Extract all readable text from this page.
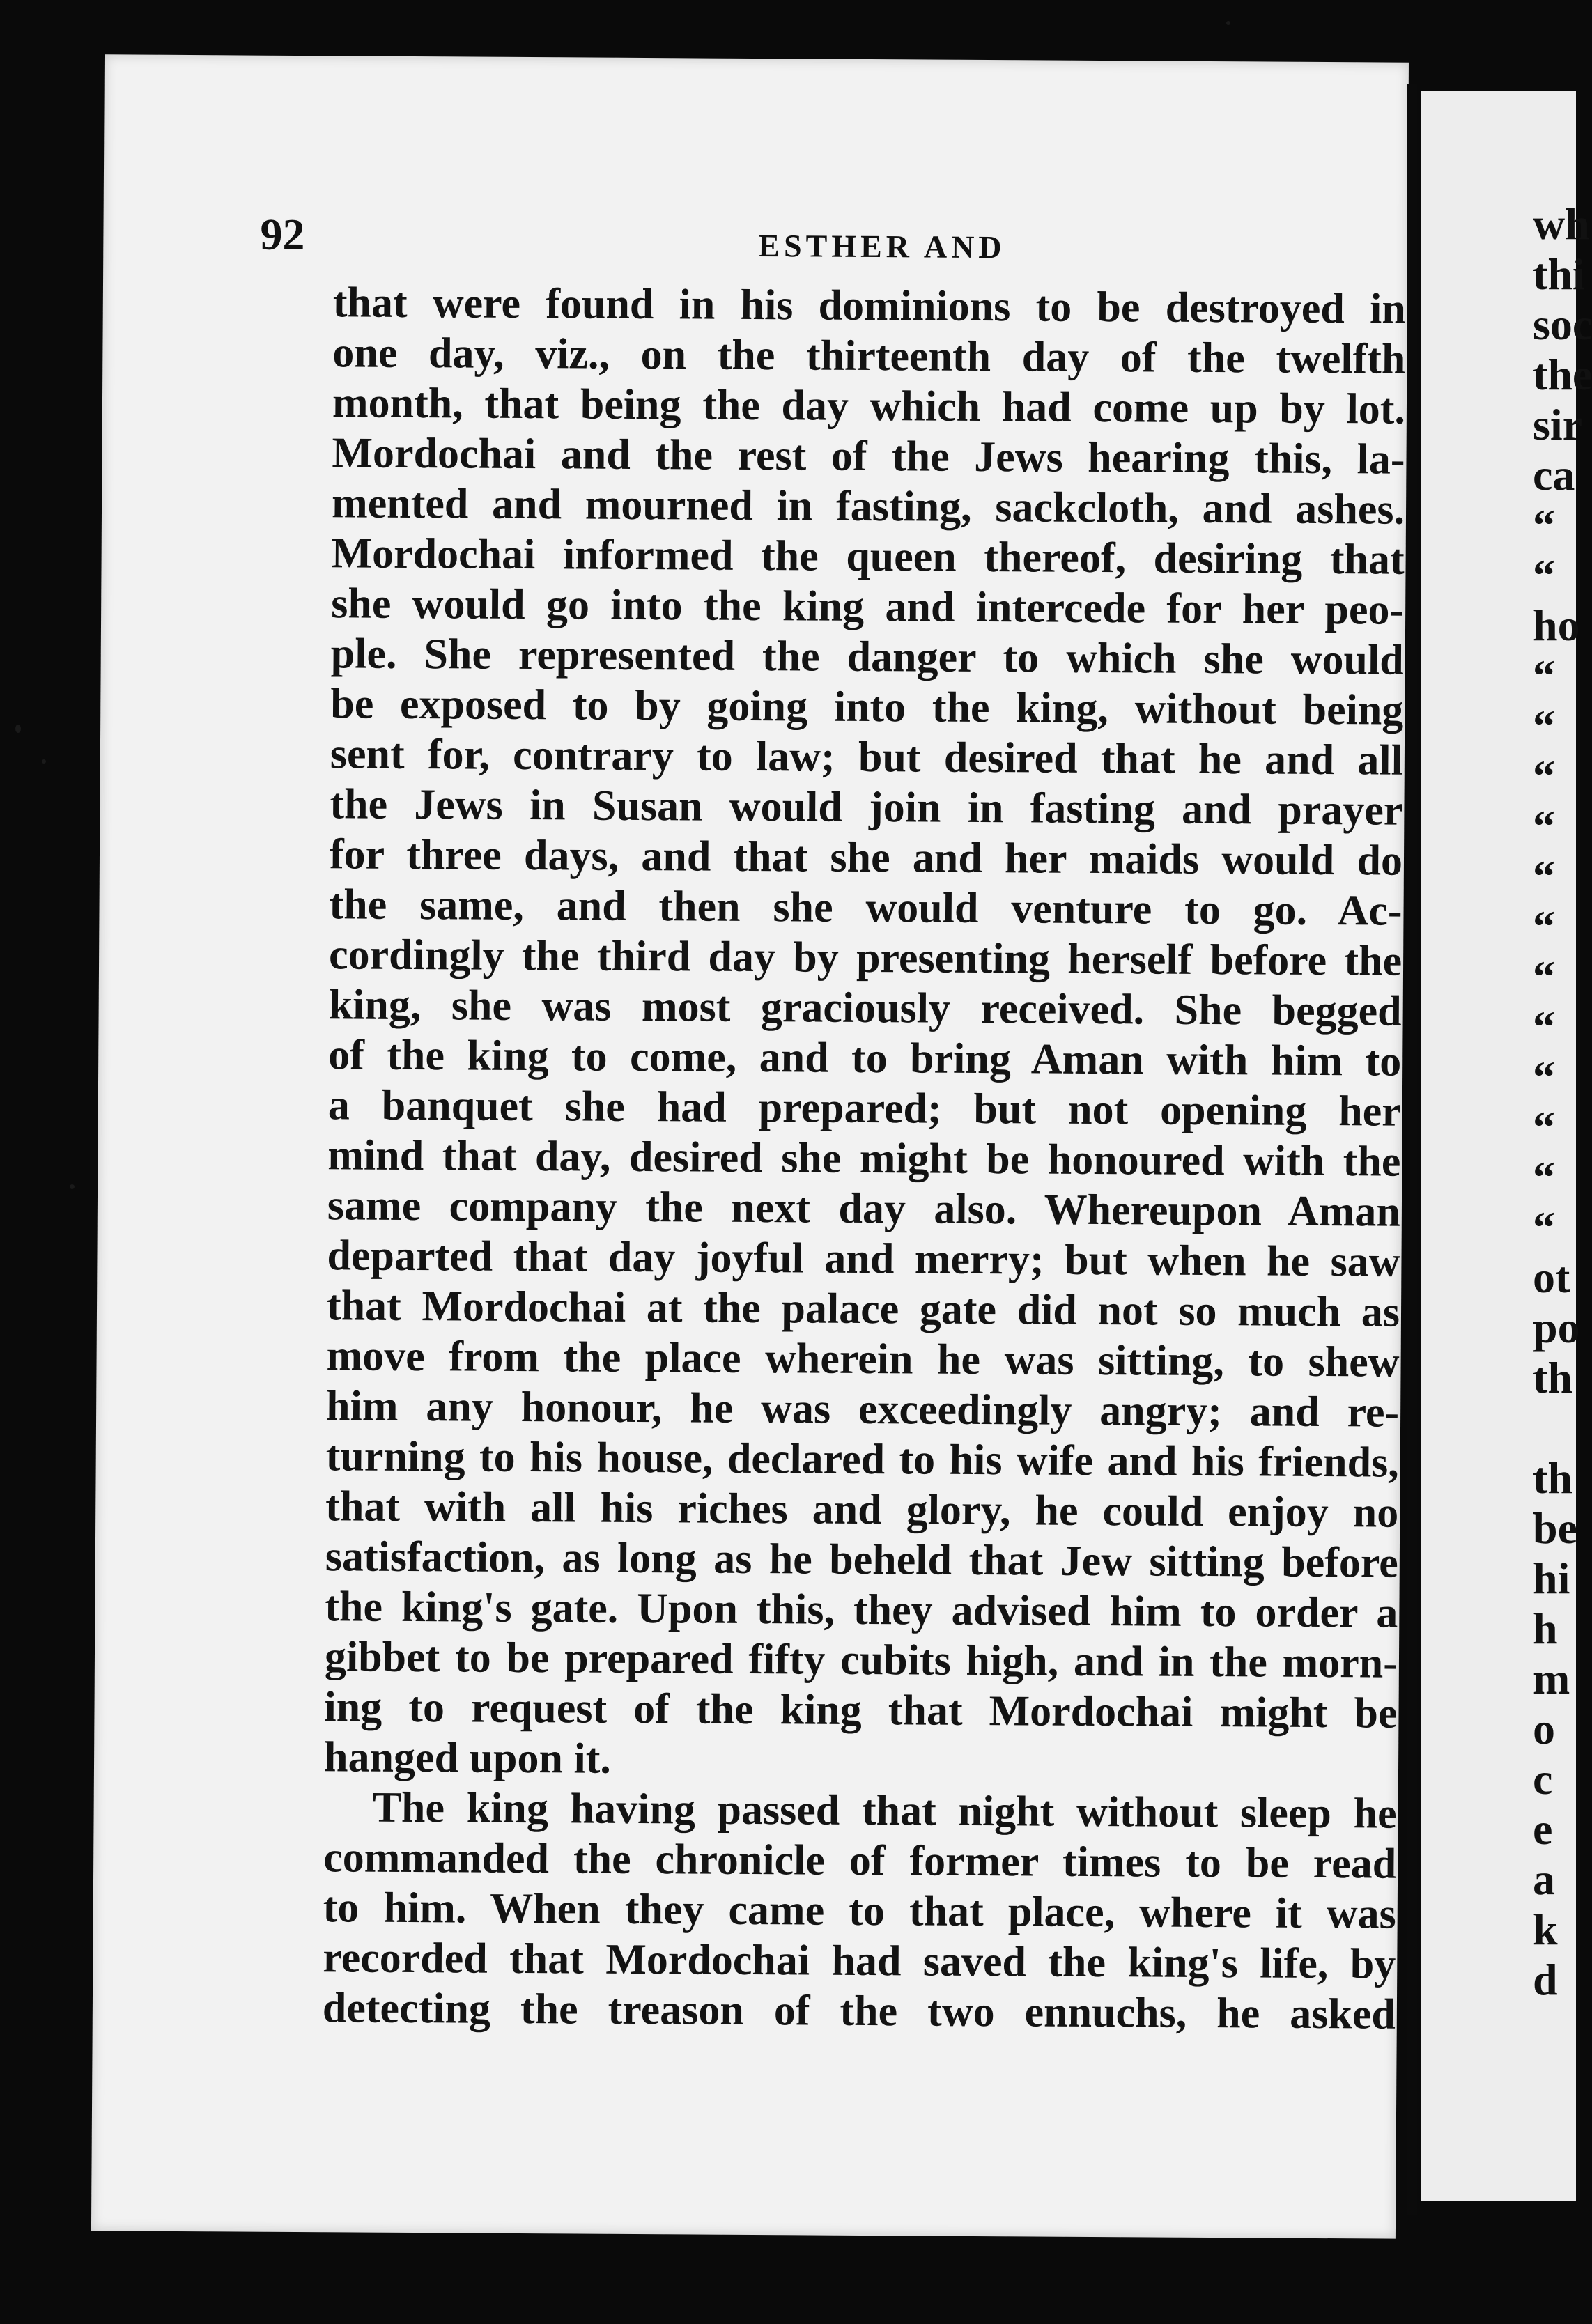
92	ESTHER AND
that were found in his dominions to be destroyed in
one day, viz., on the thirteenth day of the twelfth
month, that being the day which had come up by lot.
Mordochai and the rest of the Jews hearing this, la-
mented and mourned in fasting, sackcloth, and ashes.
Mordochai informed the queen thereof, desiring that
she would go into the king and intercede for her peo-
ple. She represented the danger to which she would
be exposed to by going into the king, without being
sent for, contrary to law; but desired that he and all
the Jews in Susan would join in fasting and prayer
for three days, and that she and her maids would do
the same, and then she would venture to go. Ac-
cordingly the third day by presenting herself before the
king, she was most graciously received. She begged
of the king to come, and to bring Aman with him to
a banquet she had prepared; but not opening her
mind that day, desired she might be honoured with the
same company the next day also. Whereupon Aman
departed that day joyful and merry; but when he saw
that Mordochai at the palace gate did not so much as
move from the place wherein he was sitting, to shew
him any honour, he was exceedingly angry; and re-
turning to his house, declared to his wife and his friends,
that with all his riches and glory, he could enjoy no
satisfaction, as long as he beheld that Jew sitting before
the king's gate. Upon this, they advised him to order a
gibbet to be prepared fifty cubits high, and in the morn-
ing to request of the king that Mordochai might be
hanged upon it.
The king having passed that night without sleep he
commanded the chronicle of former times to be read
to him. When they came to that place, where it was
recorded that Mordochai had saved the king's life, by
detecting the treason of the two ennuchs, he asked
wh
thi
soc
the
sir
ca
“
“
ho
“
“
“
“
“
“
“
“
“
“
“
“
ot
po
th
th
be
hi
h
m
o
c
e
a
k
d
